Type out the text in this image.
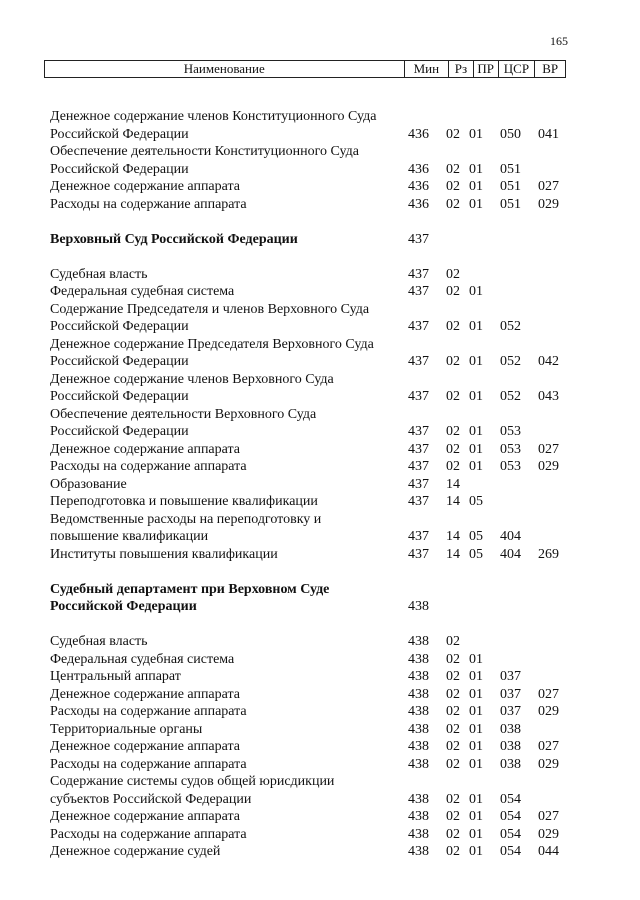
165
Наименование	Мин	Рз ПР ЦСР	ВР
Денежное содержание членов Конституционного Суда
Российской Федерации	436 02 01 050 041
Обеспечение деятельности Конституционного Суда
Российской Федерации	436 02 01 051
Денежное содержание аппарата	436 02 01 051 027
Расходы на содержание аппарата	436 02 01 051 029
Верховный Суд Российской Федерации	437
Судебная власть	437 02
Федеральная судебная система	437 02 01
Содержание Председателя и членов Верховного Суда
Российской Федерации	437 02 01 052
Денежное содержание Председателя Верховного Суда
Российской Федерации	437 02 01 052 042
Денежное содержание членов Верховного Суда
Российской Федерации	437 02 01 052 043
Обеспечение деятельности Верховного Суда
Российской Федерации	437 02 01 053
Денежное содержание аппарата	437 02 01 053 027
Расходы на содержание аппарата	437 02 01 053 029
Образование	437 14
Переподготовка и повышение квалификации	437 14 05
Ведомственные расходы на переподготовку и
повышение квалификации	437 14 05 404
Институты повышения квалификации	437 14 05 404 269
Судебный департамент при Верховном Суде
Российской Федерации	438
Судебная власть	438 02
Федеральная судебная система	438 02 01
Центральный аппарат	438 02 01 037
Денежное содержание аппарата	438 02 01 037 027
Расходы на содержание аппарата	438 02 01 037 029
Территориальные органы	438 02 01 038
Денежное содержание аппарата	438 02 01 038 027
Расходы на содержание аппарата	438 02 01 038 029
Содержание системы судов общей юрисдикции
субъектов Российской Федерации	438 02 01 054
Денежное содержание аппарата	438 02 01 054 027
Расходы на содержание аппарата	438 02 01 054 029
Денежное содержание судей	438 02 01 054 044
